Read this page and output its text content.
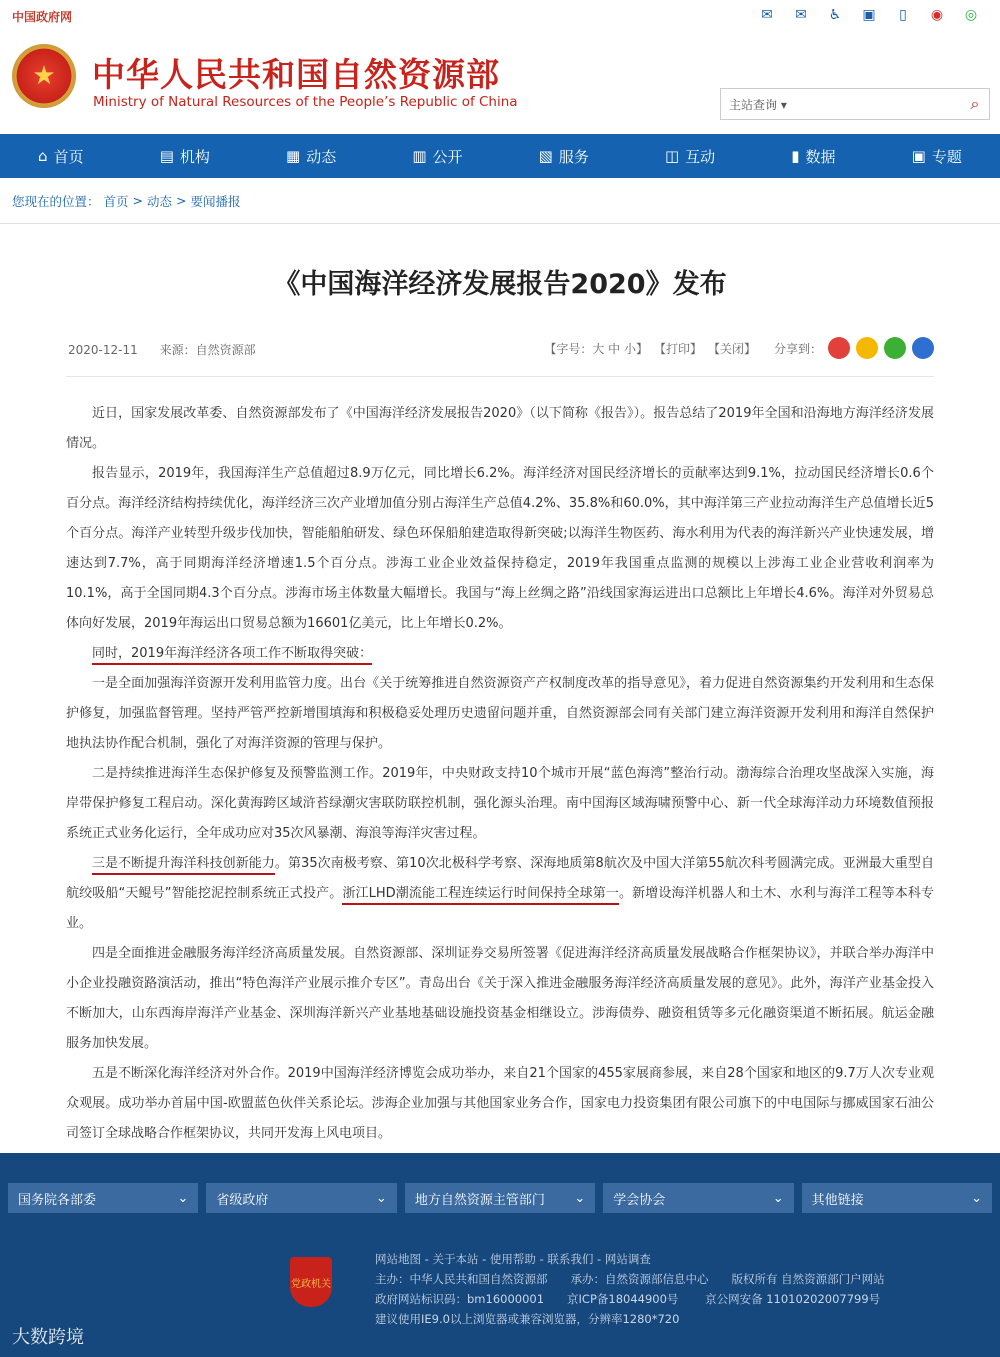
中国政府网	✉	✉	♿	▣	▯	◉	◎
★	中华人民共和国自然资源部
Ministry of Natural Resources of the People’s Republic of China	主站查询 ▾	⌕
⌂ 首页	▤ 机构	▦ 动态	▥ 公开	▧ 服务	◫ 互动	▮ 数据	▣ 专题
您现在的位置： 首页 > 动态 > 要闻播报
《中国海洋经济发展报告2020》发布
2020-12-11 来源：自然资源部	【字号：大 中 小】 【打印】 【关闭】 分享到：

近日，国家发展改革委、自然资源部发布了《中国海洋经济发展报告2020》（以下简称《报告》）。报告总结了2019年全国和沿海地方海洋经济发展情况。

报告显示，2019年，我国海洋生产总值超过8.9万亿元，同比增长6.2%。海洋经济对国民经济增长的贡献率达到9.1%，拉动国民经济增长0.6个百分点。海洋经济结构持续优化，海洋经济三次产业增加值分别占海洋生产总值4.2%、35.8%和60.0%，其中海洋第三产业拉动海洋生产总值增长近5个百分点。海洋产业转型升级步伐加快，智能船舶研发、绿色环保船舶建造取得新突破;以海洋生物医药、海水利用为代表的海洋新兴产业快速发展，增速达到7.7%，高于同期海洋经济增速1.5个百分点。涉海工业企业效益保持稳定，2019年我国重点监测的规模以上涉海工业企业营收利润率为10.1%，高于全国同期4.3个百分点。涉海市场主体数量大幅增长。我国与“海上丝绸之路”沿线国家海运进出口总额比上年增长4.6%。海洋对外贸易总体向好发展，2019年海运出口贸易总额为16601亿美元，比上年增长0.2%。

同时，2019年海洋经济各项工作不断取得突破：

一是全面加强海洋资源开发利用监管力度。出台《关于统筹推进自然资源资产产权制度改革的指导意见》，着力促进自然资源集约开发利用和生态保护修复，加强监督管理。坚持严管严控新增围填海和积极稳妥处理历史遗留问题并重，自然资源部会同有关部门建立海洋资源开发利用和海洋自然保护地执法协作配合机制，强化了对海洋资源的管理与保护。

二是持续推进海洋生态保护修复及预警监测工作。2019年，中央财政支持10个城市开展“蓝色海湾”整治行动。渤海综合治理攻坚战深入实施，海岸带保护修复工程启动。深化黄海跨区域浒苔绿潮灾害联防联控机制，强化源头治理。南中国海区域海啸预警中心、新一代全球海洋动力环境数值预报系统正式业务化运行，全年成功应对35次风暴潮、海浪等海洋灾害过程。

三是不断提升海洋科技创新能力。第35次南极考察、第10次北极科学考察、深海地质第8航次及中国大洋第55航次科考圆满完成。亚洲最大重型自航绞吸船“天鲲号”智能挖泥控制系统正式投产。浙江LHD潮流能工程连续运行时间保持全球第一。新增设海洋机器人和土木、水利与海洋工程等本科专业。

四是全面推进金融服务海洋经济高质量发展。自然资源部、深圳证券交易所签署《促进海洋经济高质量发展战略合作框架协议》，并联合举办海洋中小企业投融资路演活动，推出“特色海洋产业展示推介专区”。青岛出台《关于深入推进金融服务海洋经济高质量发展的意见》。此外，海洋产业基金投入不断加大，山东西海岸海洋产业基金、深圳海洋新兴产业基地基础设施投资基金相继设立。涉海债券、融资租赁等多元化融资渠道不断拓展。航运金融服务加快发展。

五是不断深化海洋经济对外合作。2019中国海洋经济博览会成功举办，来自21个国家的455家展商参展，来自28个国家和地区的9.7万人次专业观众观展。成功举办首届中国-欧盟蓝色伙伴关系论坛。涉海企业加强与其他国家业务合作，国家电力投资集团有限公司旗下的中电国际与挪威国家石油公司签订全球战略合作框架协议，共同开发海上风电项目。

国务院各部委	⌄ 省级政府	⌄ 地方自然资源主管部门 ⌄ 学会协会	⌄ 其他链接	⌄
党政机关
网站地图 - 关于本站 - 使用帮助 - 联系我们 - 网站调查
主办：中华人民共和国自然资源部　　承办：自然资源部信息中心　　版权所有 自然资源部门户网站
政府网站标识码：bm16000001　　京ICP备18044900号　　 京公网安备 11010202007799号
建议使用IE9.0以上浏览器或兼容浏览器，分辨率1280*720
大数跨境
